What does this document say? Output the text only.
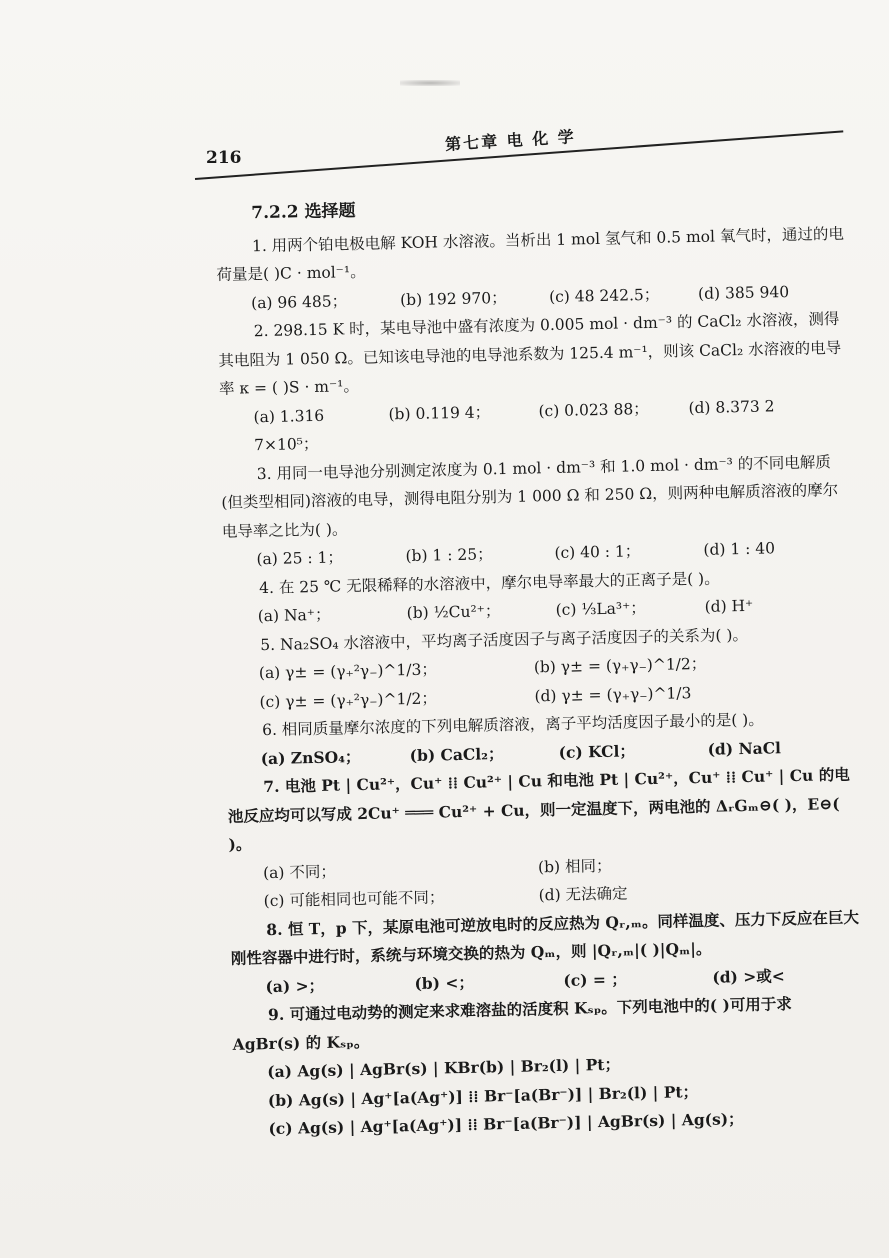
216
第七章 电 化 学
7.2.2 选择题

1. 用两个铂电极电解 KOH 水溶液。当析出 1 mol 氢气和 0.5 mol 氧气时，通过的电荷量是( )C · mol⁻¹。

(a) 96 485；	(b) 192 970；	(c) 48 242.5；	(d) 385 940

2. 298.15 K 时，某电导池中盛有浓度为 0.005 mol · dm⁻³ 的 CaCl₂ 水溶液，测得其电阻为 1 050 Ω。已知该电导池的电导池系数为 125.4 m⁻¹，则该 CaCl₂ 水溶液的电导率 κ = ( )S · m⁻¹。

(a) 1.316 7×10⁵；
(b) 0.119 4；	(c) 0.023 88；	(d) 8.373 2

3. 用同一电导池分别测定浓度为 0.1 mol · dm⁻³ 和 1.0 mol · dm⁻³ 的不同电解质(但类型相同)溶液的电导，测得电阻分别为 1 000 Ω 和 250 Ω，则两种电解质溶液的摩尔电导率之比为( )。

(a) 25 : 1；	(b) 1 : 25；	(c) 40 : 1；	(d) 1 : 40

4. 在 25 ℃ 无限稀释的水溶液中，摩尔电导率最大的正离子是( )。

(a) Na⁺；	(b) ½Cu²⁺；	(c) ⅓La³⁺；	(d) H⁺

5. Na₂SO₄ 水溶液中，平均离子活度因子与离子活度因子的关系为( )。

(a) γ± = (γ₊²γ₋)^1/3；	(b) γ± = (γ₊γ₋)^1/2；
(c) γ± = (γ₊²γ₋)^1/2；	(d) γ± = (γ₊γ₋)^1/3

6. 相同质量摩尔浓度的下列电解质溶液，离子平均活度因子最小的是( )。

(a) ZnSO₄；	(b) CaCl₂；	(c) KCl；	(d) NaCl

7. 电池 Pt | Cu²⁺，Cu⁺ ⁞⁞ Cu²⁺ | Cu 和电池 Pt | Cu²⁺，Cu⁺ ⁞⁞ Cu⁺ | Cu 的电池反应均可以写成 2Cu⁺ ═══ Cu²⁺ + Cu，则一定温度下，两电池的 ΔᵣGₘ⊖( )，E⊖( )。

(a) 不同；	(b) 相同；
(c) 可能相同也可能不同；	(d) 无法确定

8. 恒 T，p 下，某原电池可逆放电时的反应热为 Qᵣ,ₘ。同样温度、压力下反应在巨大刚性容器中进行时，系统与环境交换的热为 Qₘ，则 |Qᵣ,ₘ|( )|Qₘ|。

(a) >；	(b) <；	(c) = ；	(d) >或<

9. 可通过电动势的测定来求难溶盐的活度积 Kₛₚ。下列电池中的( )可用于求 AgBr(s) 的 Kₛₚ。

(a) Ag(s) | AgBr(s) | KBr(b) | Br₂(l) | Pt；
(b) Ag(s) | Ag⁺[a(Ag⁺)] ⁞⁞ Br⁻[a(Br⁻)] | Br₂(l) | Pt；
(c) Ag(s) | Ag⁺[a(Ag⁺)] ⁞⁞ Br⁻[a(Br⁻)] | AgBr(s) | Ag(s)；
